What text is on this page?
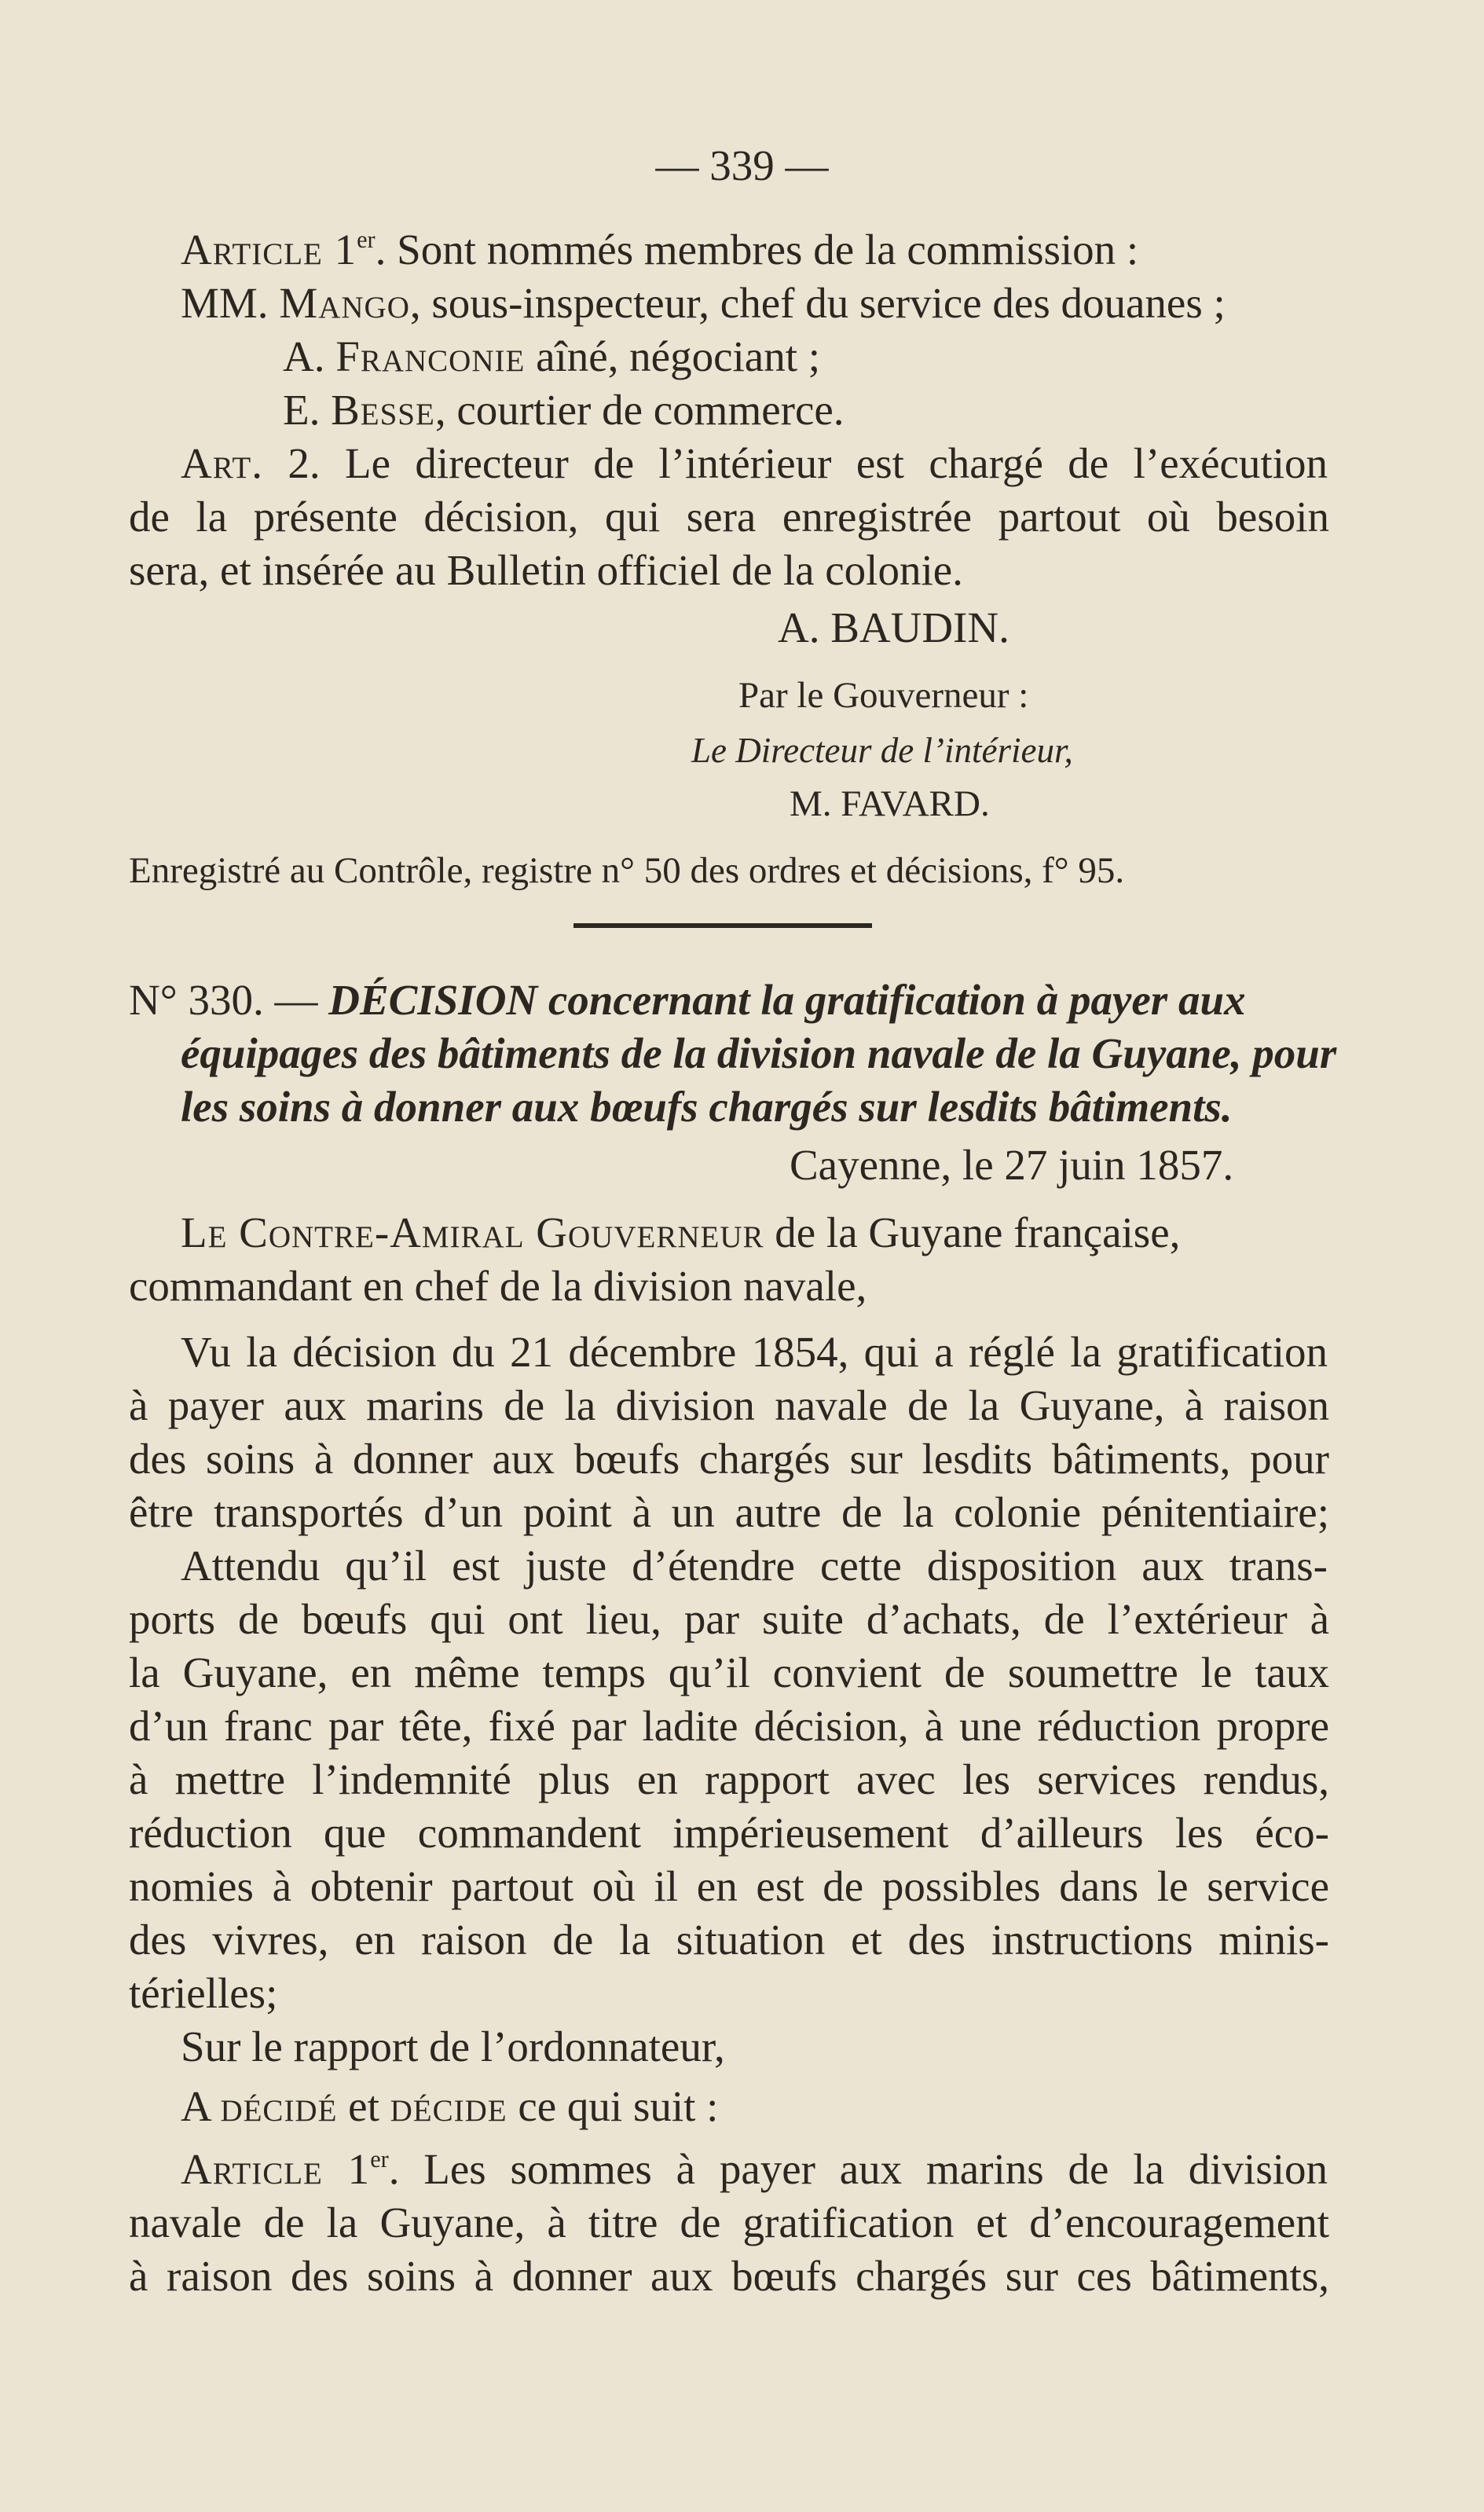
— 339 —

Article 1er. Sont nommés membres de la commission :

MM. Mango, sous-inspecteur, chef du service des douanes ;

A. Franconie aîné, négociant ;

E. Besse, courtier de commerce.

Art. 2. Le directeur de l’intérieur est chargé de l’exécution

de la présente décision, qui sera enregistrée partout où besoin

sera, et insérée au Bulletin officiel de la colonie.

A. BAUDIN.

Par le Gouverneur :

Le Directeur de l’intérieur,

M. FAVARD.

Enregistré au Contrôle, registre n° 50 des ordres et décisions, f° 95.

N° 330. — DÉCISION concernant la gratification à payer aux

équipages des bâtiments de la division navale de la Guyane, pour

les soins à donner aux bœufs chargés sur lesdits bâtiments.

Cayenne, le 27 juin 1857.

Le Contre-Amiral Gouverneur de la Guyane française,

commandant en chef de la division navale,

Vu la décision du 21 décembre 1854, qui a réglé la gratification

à payer aux marins de la division navale de la Guyane, à raison

des soins à donner aux bœufs chargés sur lesdits bâtiments, pour

être transportés d’un point à un autre de la colonie pénitentiaire;

Attendu qu’il est juste d’étendre cette disposition aux trans-

ports de bœufs qui ont lieu, par suite d’achats, de l’extérieur à

la Guyane, en même temps qu’il convient de soumettre le taux

d’un franc par tête, fixé par ladite décision, à une réduction propre

à mettre l’indemnité plus en rapport avec les services rendus,

réduction que commandent impérieusement d’ailleurs les éco-

nomies à obtenir partout où il en est de possibles dans le service

des vivres, en raison de la situation et des instructions minis-

térielles;

Sur le rapport de l’ordonnateur,

A décidé et décide ce qui suit :

Article 1er. Les sommes à payer aux marins de la division

navale de la Guyane, à titre de gratification et d’encouragement

à raison des soins à donner aux bœufs chargés sur ces bâtiments,
